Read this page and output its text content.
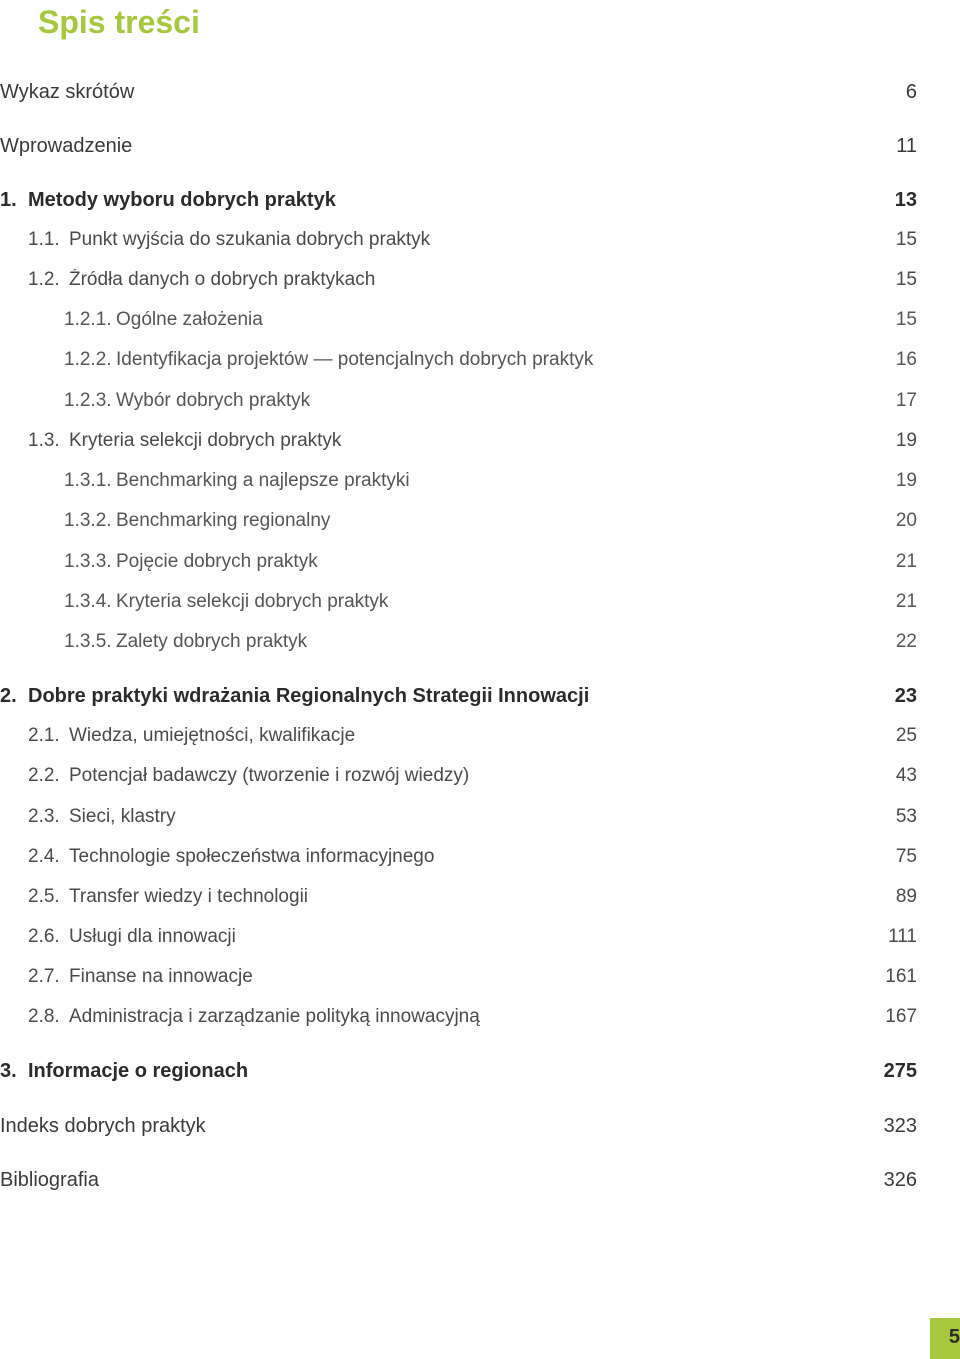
Spis treści
Wykaz skrótów	6
Wprowadzenie	11
1. Metody wyboru dobrych praktyk	13
1.1. Punkt wyjścia do szukania dobrych praktyk	15
1.2. Źródła danych o dobrych praktykach	15
1.2.1. Ogólne założenia	15
1.2.2. Identyfikacja projektów — potencjalnych dobrych praktyk	16
1.2.3. Wybór dobrych praktyk	17
1.3. Kryteria selekcji dobrych praktyk	19
1.3.1. Benchmarking a najlepsze praktyki	19
1.3.2. Benchmarking regionalny	20
1.3.3. Pojęcie dobrych praktyk	21
1.3.4. Kryteria selekcji dobrych praktyk	21
1.3.5. Zalety dobrych praktyk	22
2. Dobre praktyki wdrażania Regionalnych Strategii Innowacji	23
2.1. Wiedza, umiejętności, kwalifikacje	25
2.2. Potencjał badawczy (tworzenie i rozwój wiedzy)	43
2.3. Sieci, klastry	53
2.4. Technologie społeczeństwa informacyjnego	75
2.5. Transfer wiedzy i technologii	89
2.6. Usługi dla innowacji	111
2.7. Finanse na innowacje	161
2.8. Administracja i zarządzanie polityką innowacyjną	167
3. Informacje o regionach	275
Indeks dobrych praktyk	323
Bibliografia	326
5
